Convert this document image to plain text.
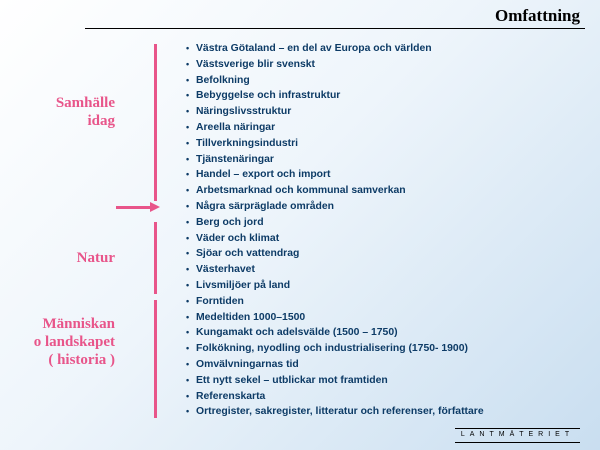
Omfattning
Samhälle
idag
Natur
Människan
o landskapet
( historia )
• Västra Götaland – en del av Europa och världen
• Västsverige blir svenskt
• Befolkning
• Bebyggelse och infrastruktur
• Näringslivsstruktur
• Areella näringar
• Tillverkningsindustri
• Tjänstenäringar
• Handel – export och import
• Arbetsmarknad och kommunal samverkan
• Några särpräglade områden
• Berg och jord
• Väder och klimat
• Sjöar och vattendrag
• Västerhavet
• Livsmiljöer på land
• Forntiden
• Medeltiden 1000–1500
• Kungamakt och adelsvälde (1500 – 1750)
• Folkökning, nyodling och industrialisering (1750- 1900)
• Omvälvningarnas tid
• Ett nytt sekel – utblickar mot framtiden
• Referenskarta
• Ortregister, sakregister, litteratur och referenser, författare
LANTMÄTERIET
